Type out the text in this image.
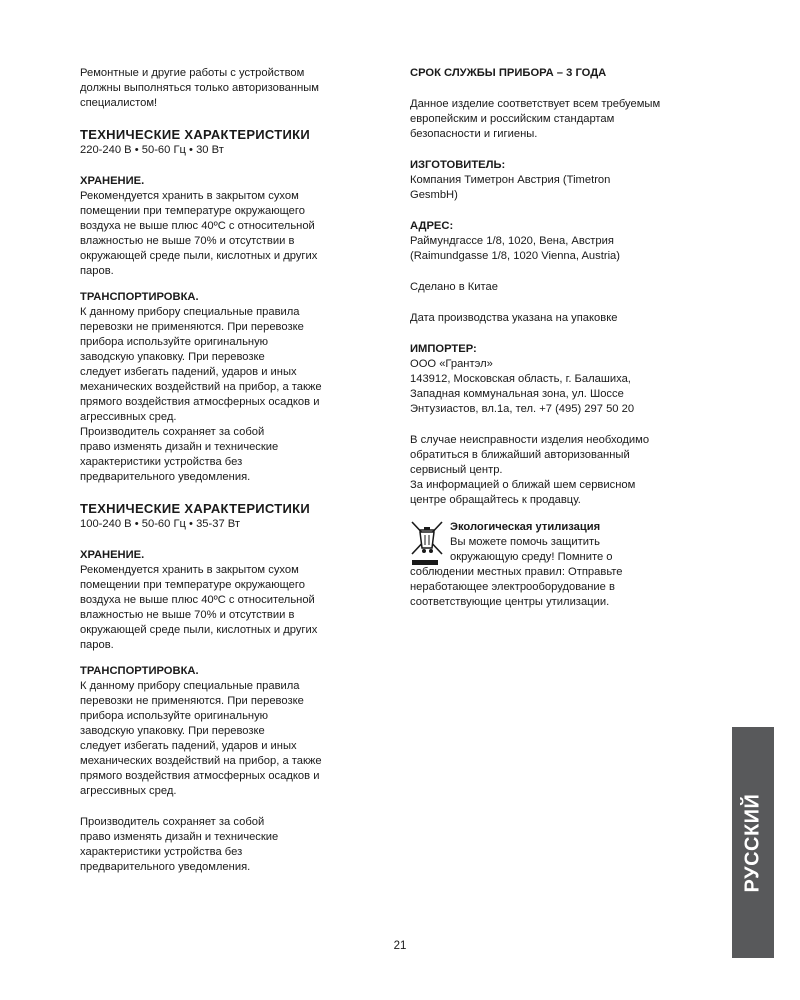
Ремонтные и другие работы с устройством
должны выполняться только авторизованным
специалистом!

ТЕХНИЧЕСКИЕ ХАРАКТЕРИСТИКИ

220-240 В • 50-60 Гц • 30 Вт

ХРАНЕНИЕ.

Рекомендуется хранить в закрытом сухом
помещении при температуре окружающего
воздуха не выше плюс 40ºС с относительной
влажностью не выше 70% и отсутствии в
окружающей среде пыли, кислотных и других
паров.

ТРАНСПОРТИРОВКА.

К данному прибору специальные правила
перевозки не применяются. При перевозке
прибора используйте оригинальную
заводскую упаковку. При перевозке
следует избегать падений, ударов и иных
механических воздействий на прибор, а также
прямого воздействия атмосферных осадков и
агрессивных сред.
Производитель сохраняет за собой
право изменять дизайн и технические
характеристики устройства без
предварительного уведомления.

ТЕХНИЧЕСКИЕ ХАРАКТЕРИСТИКИ

100-240 В • 50-60 Гц • 35-37 Вт

ХРАНЕНИЕ.

Рекомендуется хранить в закрытом сухом
помещении при температуре окружающего
воздуха не выше плюс 40ºС с относительной
влажностью не выше 70% и отсутствии в
окружающей среде пыли, кислотных и других
паров.

ТРАНСПОРТИРОВКА.

К данному прибору специальные правила
перевозки не применяются. При перевозке
прибора используйте оригинальную
заводскую упаковку. При перевозке
следует избегать падений, ударов и иных
механических воздействий на прибор, а также
прямого воздействия атмосферных осадков и
агрессивных сред.

Производитель сохраняет за собой
право изменять дизайн и технические
характеристики устройства без
предварительного уведомления.

СРОК СЛУЖБЫ ПРИБОРА – 3 ГОДА

Данное изделие соответствует всем требуемым
европейским и российским стандартам
безопасности и гигиены.

ИЗГОТОВИТЕЛЬ:

Компания Тиметрон Австрия (Timetron
GesmbH)

АДРЕС:

Раймундгассе 1/8, 1020, Вена, Австрия
(Raimundgasse 1/8, 1020 Vienna, Austria)

Сделано в Китае

Дата производства указана на упаковке

ИМПОРТЕР:

ООО «Грантэл»
143912, Московская область, г. Балашиха,
Западная коммунальная зона, ул. Шоссе
Энтузиастов, вл.1а, тел. +7 (495) 297 50 20

В случае неисправности изделия необходимо
обратиться в ближайший авторизованный
сервисный центр.
За информацией о ближай шем сервисном
центре обращайтесь к продавцу.

Экологическая утилизация

Вы можете помочь защитить
окружающую среду! Помните о

соблюдении местных правил: Отправьте
неработающее электрооборудование в
соответствующие центры утилизации.

РУССКИЙ
21
